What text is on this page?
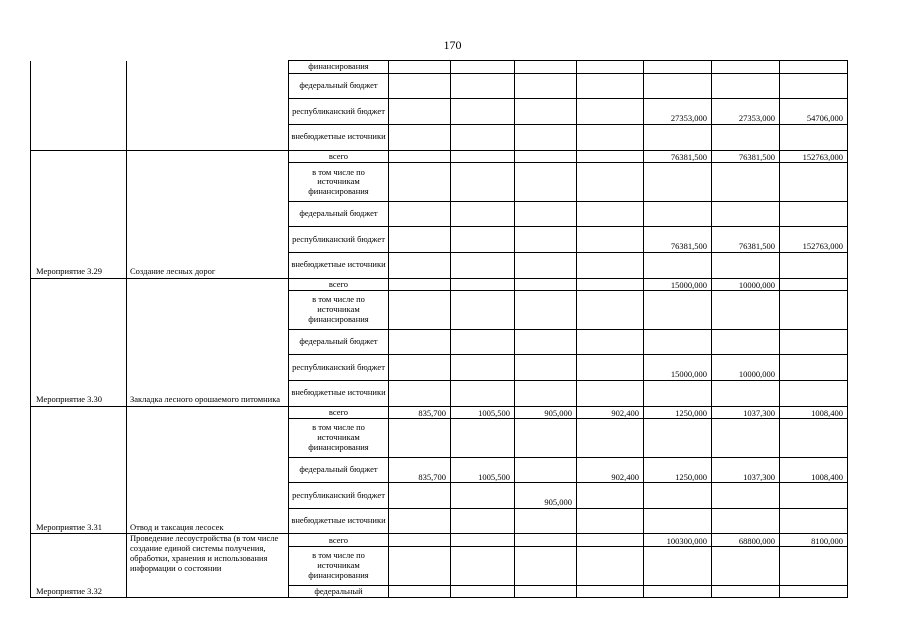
170
		финансирования							
		федеральный бюджет							
		республиканский бюджет					27353,000	27353,000	54706,000
		внебюджетные источники							
Мероприятие 3.29	Создание лесных дорог	всего					76381,500	76381,500	152763,000
		в том числе по источникам финансирования							
		федеральный бюджет							
		республиканский бюджет					76381,500	76381,500	152763,000
		внебюджетные источники							
Мероприятие 3.30	Закладка лесного орошаемого питомника	всего					15000,000	10000,000	
		в том числе по источникам финансирования							
		федеральный бюджет							
		республиканский бюджет					15000,000	10000,000	
		внебюджетные источники							
Мероприятие 3.31	Отвод и таксация лесосек	всего	835,700	1005,500	905,000	902,400	1250,000	1037,300	1008,400
		в том числе по источникам финансирования							
		федеральный бюджет	835,700	1005,500		902,400	1250,000	1037,300	1008,400
		республиканский бюджет			905,000				
		внебюджетные источники							
Мероприятие 3.32	Проведение лесоустройства (в том числе создание единой системы получения, обработки, хранения и использования информации о состоянии	всего					100300,000	68800,000	8100,000
		в том числе по источникам финансирования							
		федеральный							
